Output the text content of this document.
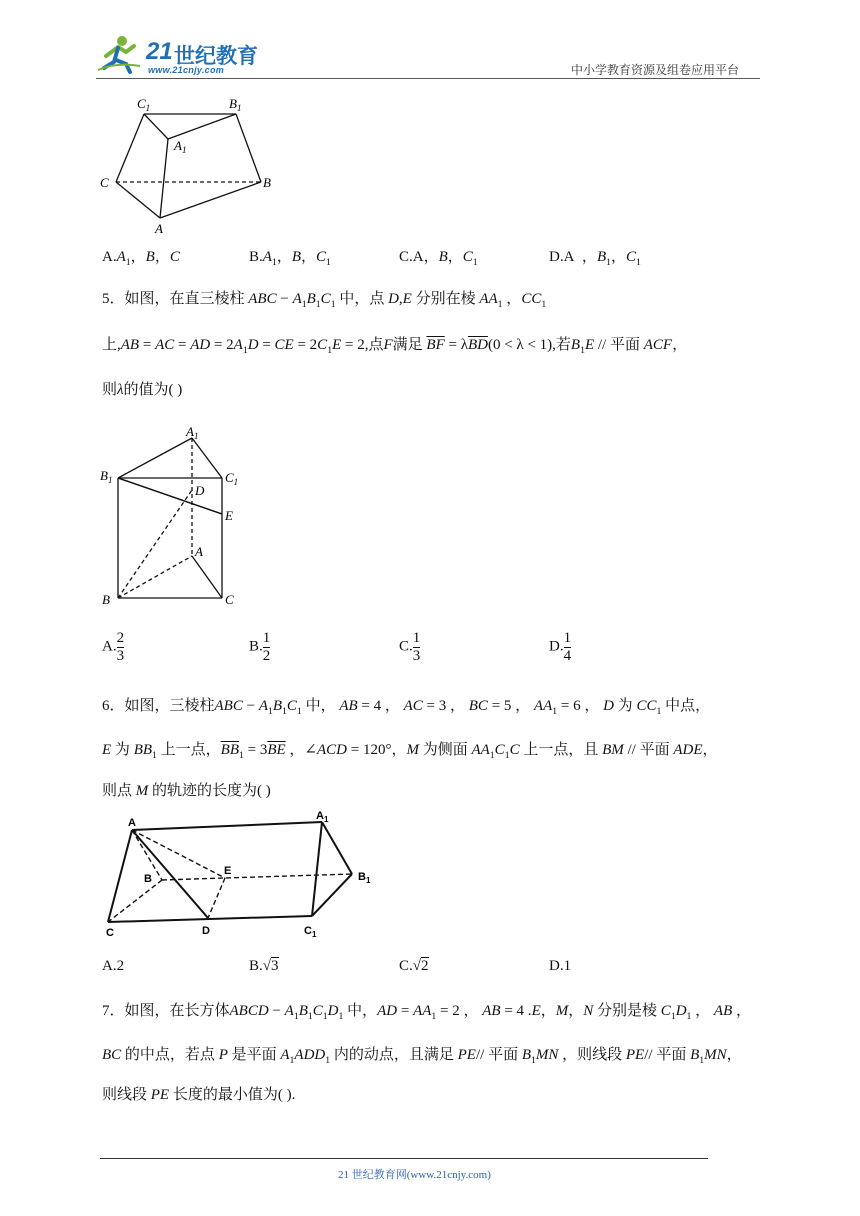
21 世纪教育
www.21cnjy.com	中小学教育资源及组卷应用平台
$C_1$	$B_1$
$A_1$
C	B
A
$A.A_1$，B，C	$B.A_1$，B，$C_1$	C.A，B，$C_1$	D.A  ，$B_1$，$C_1$
5．如图，在直三棱柱 ABC − $A_1B_1C_1$ 中，点 D,E 分别在棱 $AA_1$ ，$CC_1$
上,AB = AC = AD = $2A_1D$ = CE = $2C_1E = 2$,点F满足 $\overline{BF} = \lambda\overline{BD}(0 < \lambda < 1)$,若$B_1E$ // 平面 ACF，
则λ的值为( )
$A_1$
$B_1$	$C_1$
D
E
A
B	C
A. $\frac{2}{3}$	B. $\frac{1}{2}$	C. $\frac{1}{3}$	D. $\frac{1}{4}$
6．如图，三棱柱ABC − $A_1B_1C_1$ 中， AB = 4 ， AC = 3 ， BC = 5 ， $AA_1 = 6$ ， D 为 $CC_1$ 中点，
E 为 $BB_1$ 上一点，$\overline{BB}_1 = 3\overline{BE}$ ，∠ACD = 120°，M 为侧面 $AA_1C_1C$ 上一点，且 BM // 平面 ADE，
则点 M 的轨迹的长度为( )
A
$A_1$
B
E	$B_1$
C	D	$C_1$
A.2	B.√3	C.√2	D.1
7．如图，在长方体ABCD − $A_1B_1C_1D_1$ 中，AD = $AA_1 = 2$ ， AB = 4 .E，M，N 分别是棱 $C_1D_1$ ， AB ，
BC 的中点，若点 P 是平面 $A_1ADD_1$ 内的动点，且满足 PE// 平面 $B_1MN$ ，则线段 PE// 平面 $B_1MN$，
则线段 PE 长度的最小值为( ).
21 世纪教育网(www.21cnjy.com)
